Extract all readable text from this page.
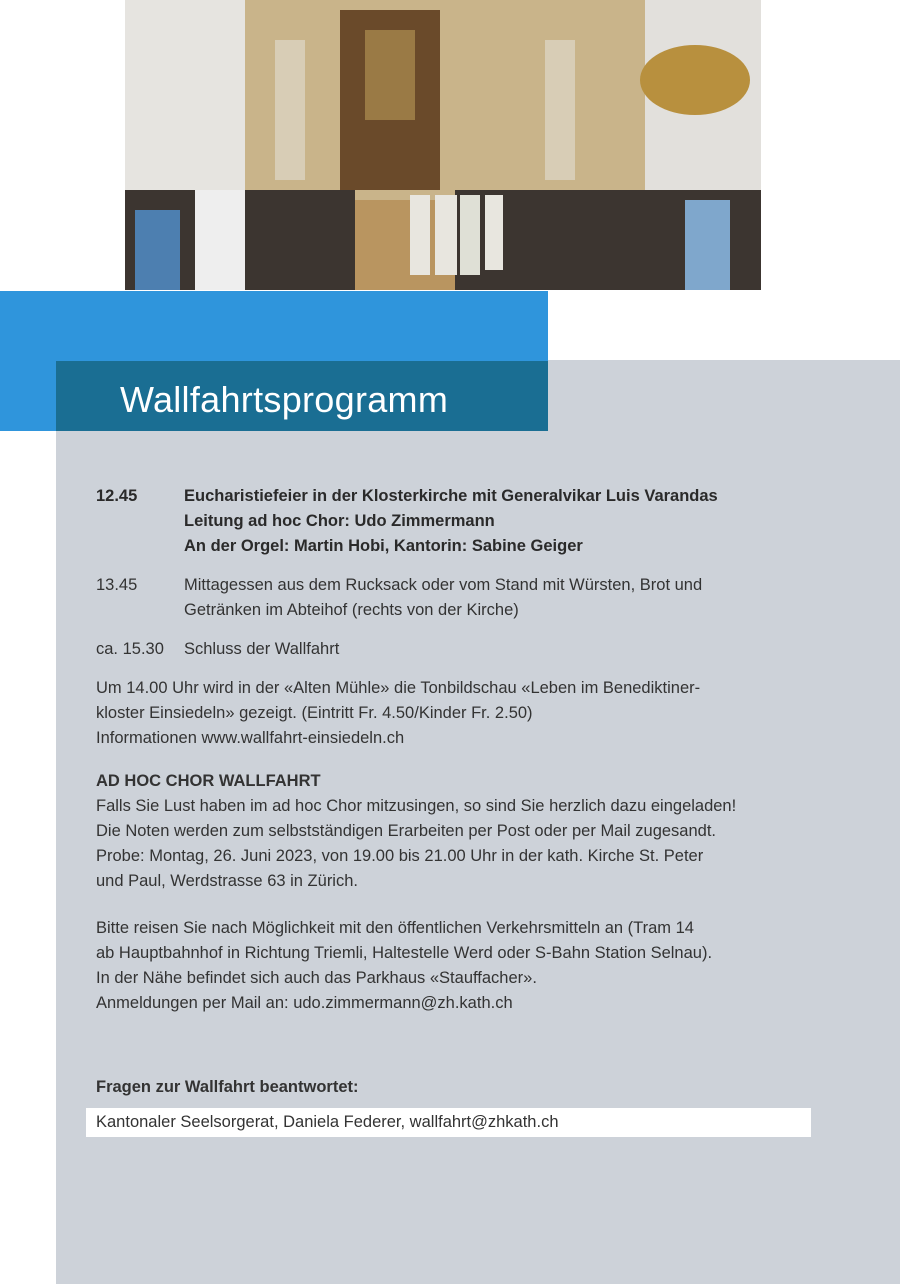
Wallfahrtsprogramm
12.45	Eucharistiefeier in der Klosterkirche mit Generalvikar Luis Varandas

Leitung ad hoc Chor: Udo Zimmermann

An der Orgel: Martin Hobi, Kantorin: Sabine Geiger

13.45	Mittagessen aus dem Rucksack oder vom Stand mit Würsten, Brot und

Getränken im Abteihof (rechts von der Kirche)

ca. 15.30	Schluss der Wallfahrt

Um 14.00 Uhr wird in der «Alten Mühle» die Tonbildschau «Leben im Benediktiner-

kloster Einsiedeln» gezeigt. (Eintritt Fr. 4.50/Kinder Fr. 2.50)

Informationen www.wallfahrt-einsiedeln.ch

AD HOC CHOR WALLFAHRT

Falls Sie Lust haben im ad hoc Chor mitzusingen, so sind Sie herzlich dazu eingeladen!

Die Noten werden zum selbstständigen Erarbeiten per Post oder per Mail zugesandt.

Probe: Montag, 26. Juni 2023, von 19.00 bis 21.00 Uhr in der kath. Kirche St. Peter

und Paul, Werdstrasse 63 in Zürich.

Bitte reisen Sie nach Möglichkeit mit den öffentlichen Verkehrsmitteln an (Tram 14

ab Hauptbahnhof in Richtung Triemli, Haltestelle Werd oder S-Bahn Station Selnau).

In der Nähe befindet sich auch das Parkhaus «Stauffacher».

Anmeldungen per Mail an: udo.zimmermann@zh.kath.ch

Fragen zur Wallfahrt beantwortet:
Kantonaler Seelsorgerat, Daniela Federer, wallfahrt@zhkath.ch
